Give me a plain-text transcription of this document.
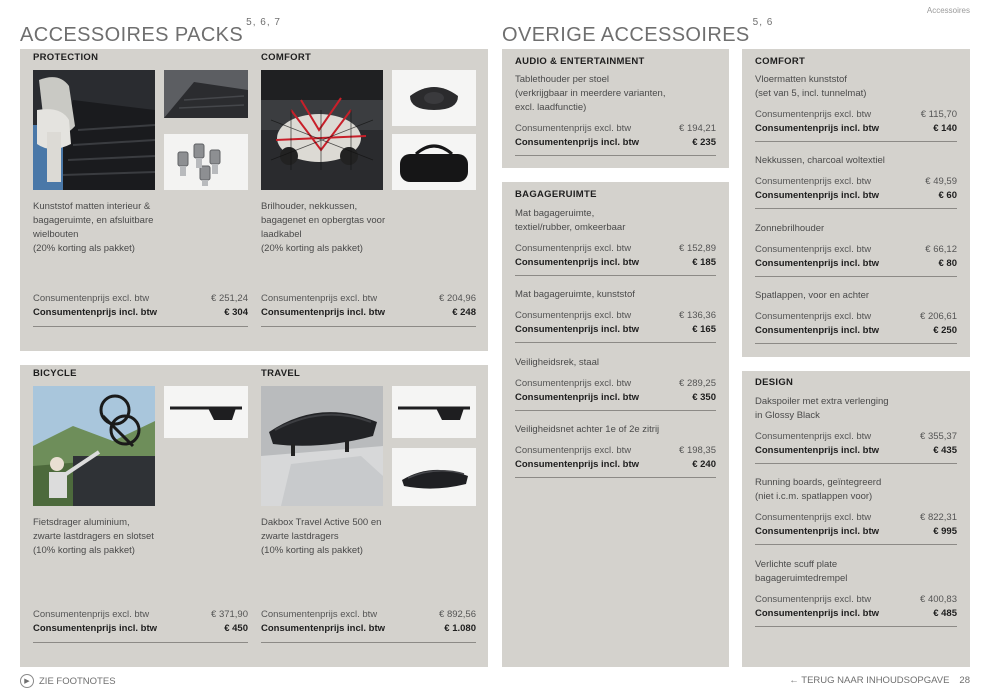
Accessoires
ACCESSOIRES PACKS$^{5, 6, 7}$
OVERIGE ACCESSOIRES$^{5, 6}$
PROTECTION
Kunststof matten interieur &
bagageruimte, en afsluitbare
wielbouten
(20% korting als pakket)
Consumentenprijs excl. btw	€ 251,24
Consumentenprijs incl. btw	€ 304
COMFORT
Brilhouder, nekkussen,
bagagenet en opbergtas voor
laadkabel
(20% korting als pakket)
Consumentenprijs excl. btw	€ 204,96
Consumentenprijs incl. btw	€ 248
BICYCLE
Fietsdrager aluminium,
zwarte lastdragers en slotset
(10% korting als pakket)
Consumentenprijs excl. btw	€ 371,90
Consumentenprijs incl. btw	€ 450
TRAVEL
Dakbox Travel Active 500 en
zwarte lastdragers
(10% korting als pakket)
Consumentenprijs excl. btw	€ 892,56
Consumentenprijs incl. btw	€ 1.080
AUDIO & ENTERTAINMENT
Tablethouder per stoel
(verkrijgbaar in meerdere varianten,
excl. laadfunctie)
Consumentenprijs excl. btw	€ 194,21
Consumentenprijs incl. btw	€ 235
BAGAGERUIMTE
Mat bagageruimte,
textiel/rubber, omkeerbaar
Consumentenprijs excl. btw	€ 152,89
Consumentenprijs incl. btw	€ 185
Mat bagageruimte, kunststof
Consumentenprijs excl. btw	€ 136,36
Consumentenprijs incl. btw	€ 165
Veiligheidsrek, staal
Consumentenprijs excl. btw	€ 289,25
Consumentenprijs incl. btw	€ 350
Veiligheidsnet achter 1e of 2e zitrij
Consumentenprijs excl. btw	€ 198,35
Consumentenprijs incl. btw	€ 240
COMFORT
Vloermatten kunststof
(set van 5, incl. tunnelmat)
Consumentenprijs excl. btw	€ 115,70
Consumentenprijs incl. btw	€ 140
Nekkussen, charcoal woltextiel
Consumentenprijs excl. btw	€ 49,59
Consumentenprijs incl. btw	€ 60
Zonnebrilhouder
Consumentenprijs excl. btw	€ 66,12
Consumentenprijs incl. btw	€ 80
Spatlappen, voor en achter
Consumentenprijs excl. btw	€ 206,61
Consumentenprijs incl. btw	€ 250
DESIGN
Dakspoiler met extra verlenging
in Glossy Black
Consumentenprijs excl. btw	€ 355,37
Consumentenprijs incl. btw	€ 435
Running boards, geïntegreerd
(niet i.c.m. spatlappen voor)
Consumentenprijs excl. btw	€ 822,31
Consumentenprijs incl. btw	€ 995
Verlichte scuff plate
bagageruimtedrempel
Consumentenprijs excl. btw	€ 400,83
Consumentenprijs incl. btw	€ 485
▶ ZIE FOOTNOTES	← TERUG NAAR INHOUDSOPGAVE 28
